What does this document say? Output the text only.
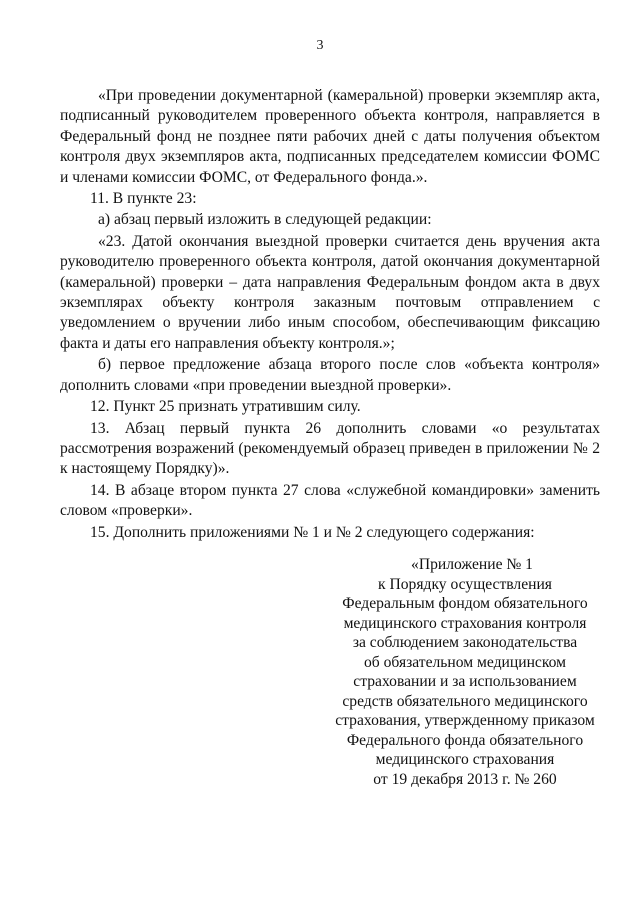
3

«При проведении документарной (камеральной) проверки экземпляр акта, подписанный руководителем проверенного объекта контроля, направляется в Федеральный фонд не позднее пяти рабочих дней с даты получения объектом контроля двух экземпляров акта, подписанных председателем комиссии ФОМС и членами комиссии ФОМС, от Федерального фонда.».

11. В пункте 23:

а) абзац первый изложить в следующей редакции:

«23. Датой окончания выездной проверки считается день вручения акта руководителю проверенного объекта контроля, датой окончания документарной (камеральной) проверки – дата направления Федеральным фондом акта в двух экземплярах объекту контроля заказным почтовым отправлением с уведомлением о вручении либо иным способом, обеспечивающим фиксацию факта и даты его направления объекту контроля.»;

б) первое предложение абзаца второго после слов «объекта контроля» дополнить словами «при проведении выездной проверки».

12. Пункт 25 признать утратившим силу.

13. Абзац первый пункта 26 дополнить словами «о результатах рассмотрения возражений (рекомендуемый образец приведен в приложении № 2 к настоящему Порядку)».

14. В абзаце втором пункта 27 слова «служебной командировки» заменить словом «проверки».

15. Дополнить приложениями № 1 и № 2 следующего содержания:

«Приложение № 1
к Порядку осуществления
Федеральным фондом обязательного
медицинского страхования контроля
за соблюдением законодательства
об обязательном медицинском
страховании и за использованием
средств обязательного медицинского
страхования, утвержденному приказом
Федерального фонда обязательного
медицинского страхования
от 19 декабря 2013 г. № 260
